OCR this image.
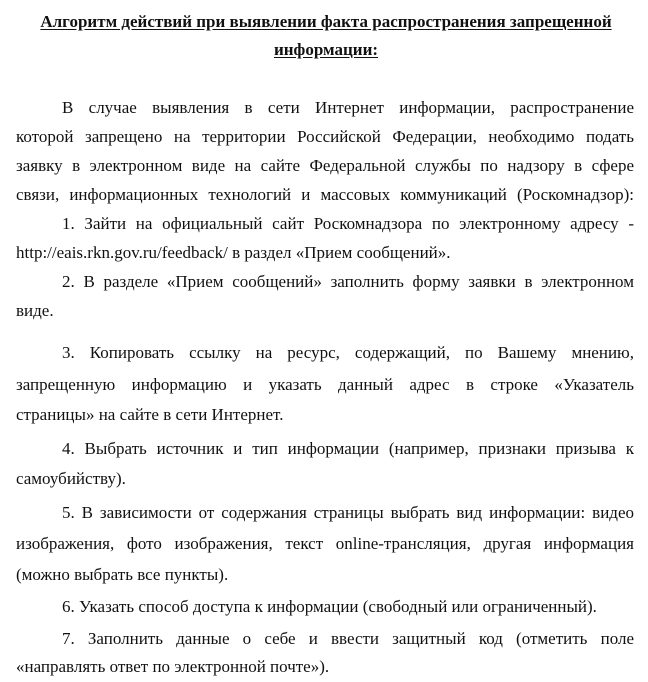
Алгоритм действий при выявлении факта распространения запрещенной
информации:

В случае выявления в сети Интернет информации, распространение

которой запрещено на территории Российской Федерации, необходимо подать

заявку в электронном виде на сайте Федеральной службы по надзору в сфере

связи, информационных технологий и массовых коммуникаций (Роскомнадзор):

1. Зайти на официальный сайт Роскомнадзора по электронному адресу -

http://eais.rkn.gov.ru/feedback/ в раздел «Прием сообщений».

2. В разделе «Прием сообщений» заполнить форму заявки в электронном

виде.

3. Копировать ссылку на ресурс, содержащий, по Вашему мнению,

запрещенную информацию и указать данный адрес в строке «Указатель

страницы» на сайте в сети Интернет.

4. Выбрать источник и тип информации (например, признаки призыва к

самоубийству).

5. В зависимости от содержания страницы выбрать вид информации: видео

изображения, фото изображения, текст online-трансляция, другая информация

(можно выбрать все пункты).

6. Указать способ доступа к информации (свободный или ограниченный).

7. Заполнить данные о себе и ввести защитный код (отметить поле

«направлять ответ по электронной почте»).
